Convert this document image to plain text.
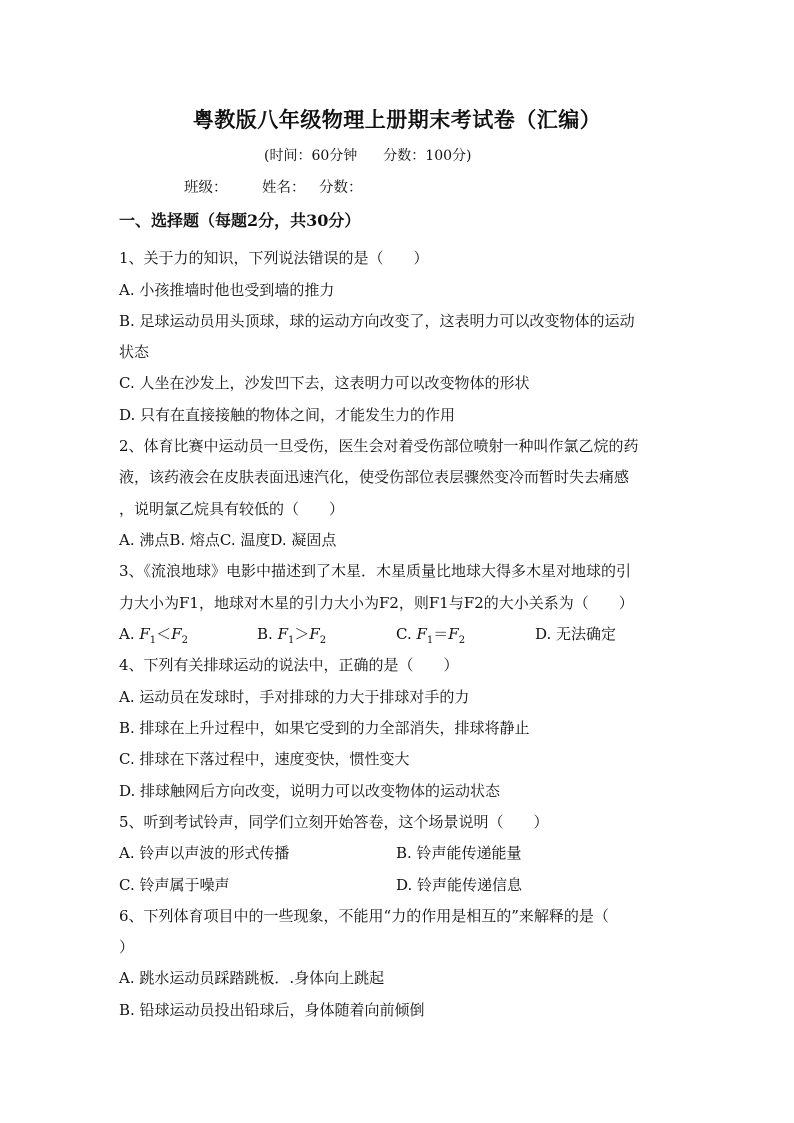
粤教版八年级物理上册期末考试卷（汇编）
(时间：60分钟 分数：100分)
班级： 姓名： 分数：
一、选择题（每题2分，共30分）
1、关于力的知识，下列说法错误的是（　　）
A. 小孩推墙时他也受到墙的推力
B. 足球运动员用头顶球，球的运动方向改变了，这表明力可以改变物体的运动
状态
C. 人坐在沙发上，沙发凹下去，这表明力可以改变物体的形状
D. 只有在直接接触的物体之间，才能发生力的作用
2、体育比赛中运动员一旦受伤，医生会对着受伤部位喷射一种叫作氯乙烷的药
液，该药液会在皮肤表面迅速汽化，使受伤部位表层骤然变冷而暂时失去痛感
，说明氯乙烷具有较低的（　　）
A. 沸点B. 熔点C. 温度D. 凝固点
3、《流浪地球》电影中描述到了木星．木星质量比地球大得多木星对地球的引
力大小为F1，地球对木星的引力大小为F2，则F1与F2的大小关系为（　　）
A. $F_1<F_2$	B. $F_1>F_2$	C. $F_1=F_2$	D. 无法确定
4、下列有关排球运动的说法中，正确的是（　　）
A. 运动员在发球时，手对排球的力大于排球对手的力
B. 排球在上升过程中，如果它受到的力全部消失，排球将静止
C. 排球在下落过程中，速度变快，惯性变大
D. 排球触网后方向改变，说明力可以改变物体的运动状态
5、听到考试铃声，同学们立刻开始答卷，这个场景说明（　　）
A. 铃声以声波的形式传播	B. 铃声能传递能量
C. 铃声属于噪声	D. 铃声能传递信息
6、下列体育项目中的一些现象，不能用“力的作用是相互的”来解释的是（
）
A. 跳水运动员踩踏跳板．.身体向上跳起
B. 铅球运动员投出铅球后，身体随着向前倾倒
